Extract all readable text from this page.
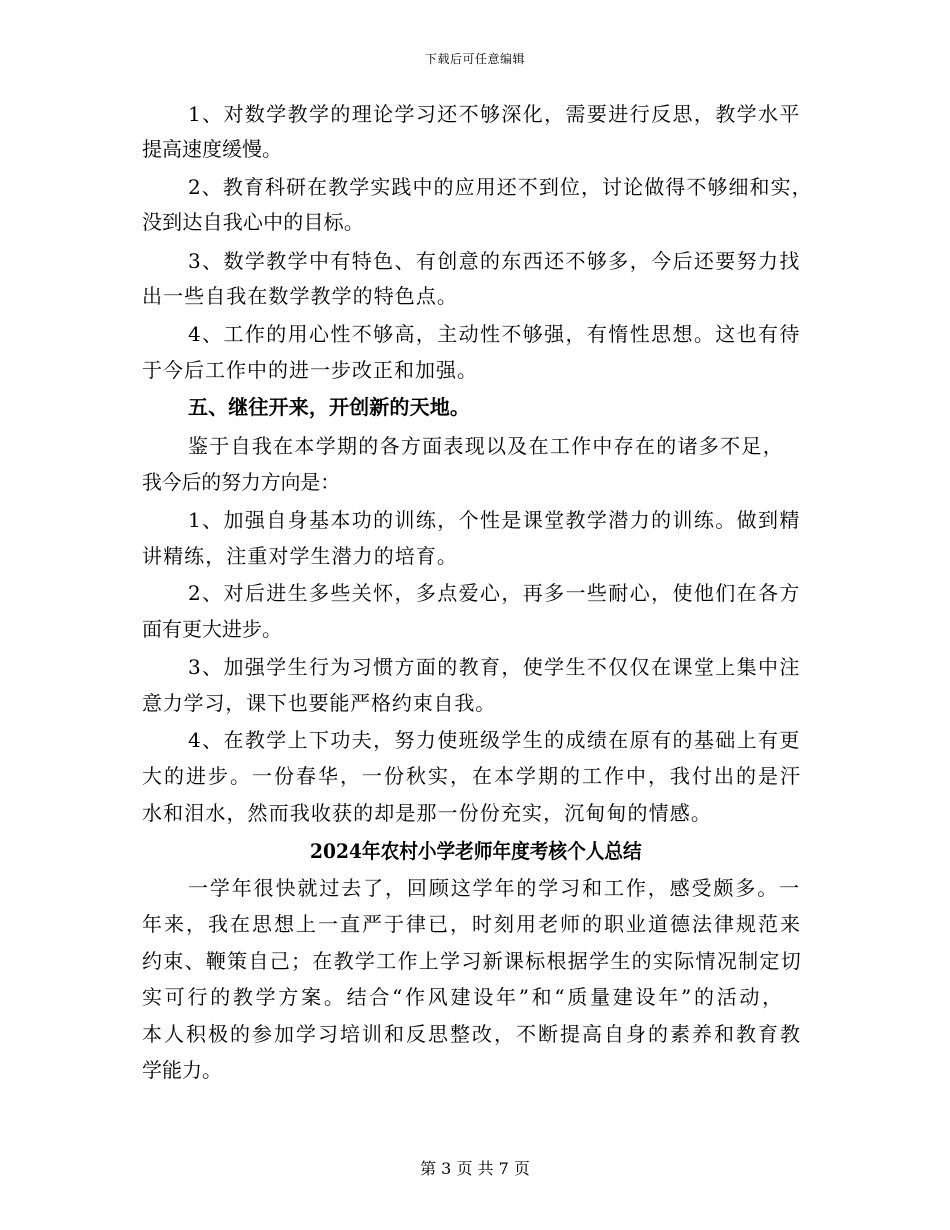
下载后可任意编辑
1、对数学教学的理论学习还不够深化，需要进行反思，教学水平
提高速度缓慢。
2、教育科研在教学实践中的应用还不到位，讨论做得不够细和实，
没到达自我心中的目标。
3、数学教学中有特色、有创意的东西还不够多，今后还要努力找
出一些自我在数学教学的特色点。
4、工作的用心性不够高，主动性不够强，有惰性思想。这也有待
于今后工作中的进一步改正和加强。
五、继往开来，开创新的天地。
鉴于自我在本学期的各方面表现以及在工作中存在的诸多不足，
我今后的努力方向是：
1、加强自身基本功的训练，个性是课堂教学潜力的训练。做到精
讲精练，注重对学生潜力的培育。
2、对后进生多些关怀，多点爱心，再多一些耐心，使他们在各方
面有更大进步。
3、加强学生行为习惯方面的教育，使学生不仅仅在课堂上集中注
意力学习，课下也要能严格约束自我。
4、在教学上下功夫，努力使班级学生的成绩在原有的基础上有更
大的进步。一份春华，一份秋实，在本学期的工作中，我付出的是汗
水和泪水，然而我收获的却是那一份份充实，沉甸甸的情感。
2024年农村小学老师年度考核个人总结
一学年很快就过去了，回顾这学年的学习和工作，感受颇多。一
年来，我在思想上一直严于律已，时刻用老师的职业道德法律规范来
约束、鞭策自己；在教学工作上学习新课标根据学生的实际情况制定切
实可行的教学方案。结合“作风建设年”和“质量建设年”的活动，
本人积极的参加学习培训和反思整改，不断提高自身的素养和教育教
学能力。
第 3 页 共 7 页
